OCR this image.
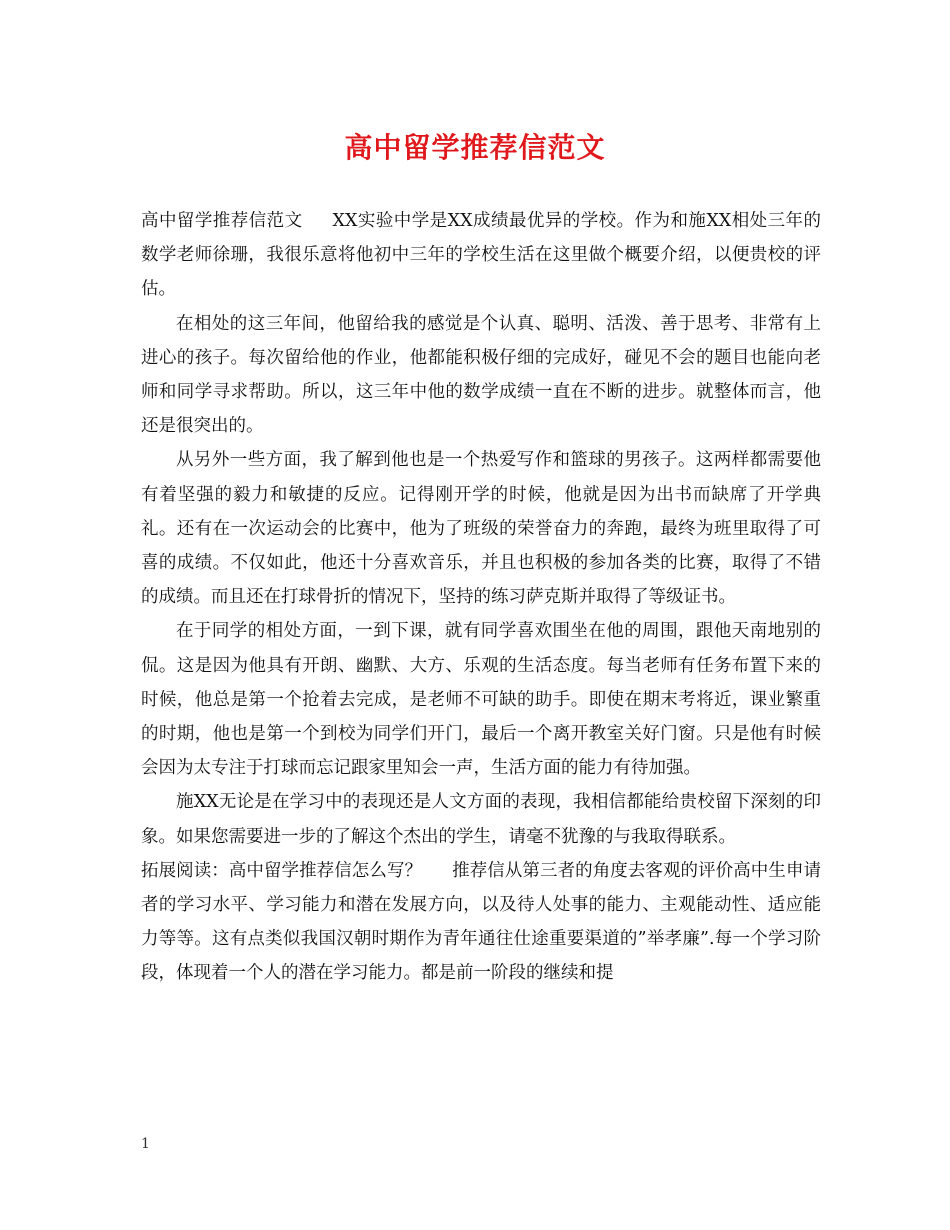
高中留学推荐信范文

高中留学推荐信范文 XX实验中学是XX成绩最优异的学校。作为和施XX相处三年的数学老师徐珊，我很乐意将他初中三年的学校生活在这里做个概要介绍，以便贵校的评估。

在相处的这三年间，他留给我的感觉是个认真、聪明、活泼、善于思考、非常有上进心的孩子。每次留给他的作业，他都能积极仔细的完成好，碰见不会的题目也能向老师和同学寻求帮助。所以，这三年中他的数学成绩一直在不断的进步。就整体而言，他还是很突出的。

从另外一些方面，我了解到他也是一个热爱写作和篮球的男孩子。这两样都需要他有着坚强的毅力和敏捷的反应。记得刚开学的时候，他就是因为出书而缺席了开学典礼。还有在一次运动会的比赛中，他为了班级的荣誉奋力的奔跑，最终为班里取得了可喜的成绩。不仅如此，他还十分喜欢音乐，并且也积极的参加各类的比赛，取得了不错的成绩。而且还在打球骨折的情况下，坚持的练习萨克斯并取得了等级证书。

在于同学的相处方面，一到下课，就有同学喜欢围坐在他的周围，跟他天南地别的侃。这是因为他具有开朗、幽默、大方、乐观的生活态度。每当老师有任务布置下来的时候，他总是第一个抢着去完成，是老师不可缺的助手。即使在期末考将近，课业繁重的时期，他也是第一个到校为同学们开门，最后一个离开教室关好门窗。只是他有时候会因为太专注于打球而忘记跟家里知会一声，生活方面的能力有待加强。

施XX无论是在学习中的表现还是人文方面的表现，我相信都能给贵校留下深刻的印象。如果您需要进一步的了解这个杰出的学生，请毫不犹豫的与我取得联系。

拓展阅读：高中留学推荐信怎么写？ 推荐信从第三者的角度去客观的评价高中生申请者的学习水平、学习能力和潜在发展方向，以及待人处事的能力、主观能动性、适应能力等等。这有点类似我国汉朝时期作为青年通往仕途重要渠道的”举孝廉”.每一个学习阶段，体现着一个人的潜在学习能力。都是前一阶段的继续和提

1
